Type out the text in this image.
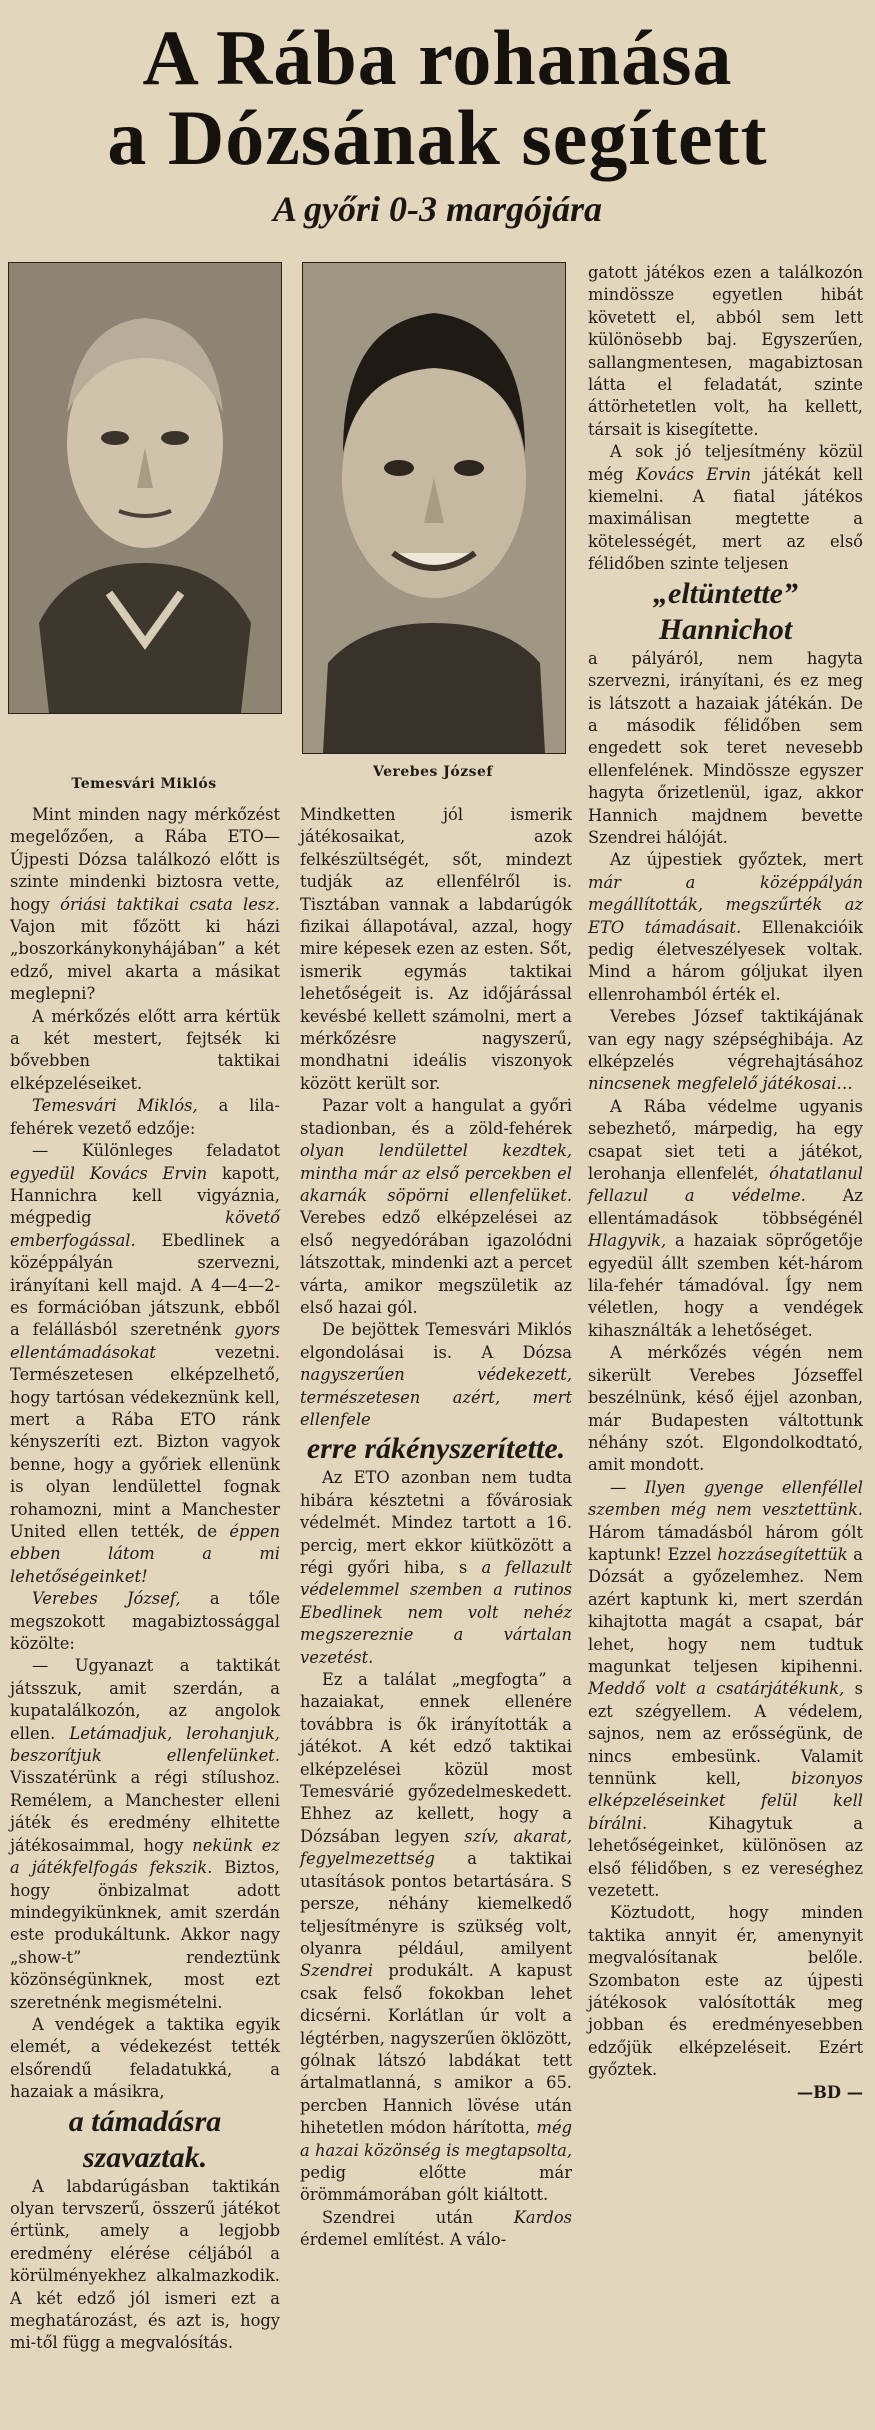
A Rába rohanása
a Dózsának segített
A győri 0-3 margójára
Temesvári Miklós
Verebes József

Mint minden nagy mérkőzést megelőzően, a Rába ETO—Újpesti Dózsa találkozó előtt is szinte mindenki biztosra vette, hogy óriási taktikai csata lesz. Vajon mit főzött ki házi „boszorkánykonyhájában” a két edző, mivel akarta a másikat meglepni?

A mérkőzés előtt arra kértük a két mestert, fejtsék ki bővebben taktikai elképzeléseiket.

Temesvári Miklós, a lila-fehérek vezető edzője:

— Különleges feladatot egyedül Kovács Ervin kapott, Hannichra kell vigyáznia, mégpedig követő emberfogással. Ebedlinek a középpályán szervezni, irányítani kell majd. A 4—4—2-es formációban játszunk, ebből a felállásból szeretnénk gyors ellentámadásokat vezetni. Természetesen elképzelhető, hogy tartósan védekeznünk kell, mert a Rába ETO ránk kényszeríti ezt. Bizton vagyok benne, hogy a győriek ellenünk is olyan lendülettel fognak rohamozni, mint a Manchester United ellen tették, de éppen ebben látom a mi lehetőségeinket!

Verebes József, a tőle megszokott magabiztossággal közölte:

— Ugyanazt a taktikát játsszuk, amit szerdán, a kupatalálkozón, az angolok ellen. Letámadjuk, lerohanjuk, beszorítjuk ellenfelünket. Visszatérünk a régi stílushoz. Remélem, a Manchester elleni játék és eredmény elhitette játékosaimmal, hogy nekünk ez a játékfelfogás fekszik. Biztos, hogy önbizalmat adott mindegyikünknek, amit szerdán este produkáltunk. Akkor nagy „show-t” rendeztünk közönségünknek, most ezt szeretnénk megismételni.

A vendégek a taktika egyik elemét, a védekezést tették elsőrendű feladatukká, a hazaiak a másikra,

a támadásra szavaztak.

A labdarúgásban taktikán olyan tervszerű, összerű játékot értünk, amely a legjobb eredmény elérése céljából a körülményekhez alkalmazkodik. A két edző jól ismeri ezt a meghatározást, és azt is, hogy mi-től függ a megvalósítás.

Mindketten jól ismerik játékosaikat, azok felkészültségét, sőt, mindezt tudják az ellenfélről is. Tisztában vannak a labdarúgók fizikai állapotával, azzal, hogy mire képesek ezen az esten. Sőt, ismerik egymás taktikai lehetőségeit is. Az időjárással kevésbé kellett számolni, mert a mérkőzésre nagyszerű, mondhatni ideális viszonyok között került sor.

Pazar volt a hangulat a győri stadionban, és a zöld-fehérek olyan lendülettel kezdtek, mintha már az első percekben el akarnák söpörni ellenfelüket. Verebes edző elképzelései az első negyedórában igazolódni látszottak, mindenki azt a percet várta, amikor megszületik az első hazai gól.

De bejöttek Temesvári Miklós elgondolásai is. A Dózsa nagyszerűen védekezett, természetesen azért, mert ellenfele

erre rákényszerítette.

Az ETO azonban nem tudta hibára késztetni a fővárosiak védelmét. Mindez tartott a 16. percig, mert ekkor kiütközött a régi győri hiba, s a fellazult védelemmel szemben a rutinos Ebedlinek nem volt nehéz megszereznie a vártalan vezetést.

Ez a találat „megfogta” a hazaiakat, ennek ellenére továbbra is ők irányították a játékot. A két edző taktikai elképzelései közül most Temesvárié győzedelmeskedett. Ehhez az kellett, hogy a Dózsában legyen szív, akarat, fegyelmezettség a taktikai utasítások pontos betartására. S persze, néhány kiemelkedő teljesítményre is szükség volt, olyanra például, amilyent Szendrei produkált. A kapust csak felső fokokban lehet dicsérni. Korlátlan úr volt a légtérben, nagyszerűen öklözött, gólnak látszó labdákat tett ártalmatlanná, s amikor a 65. percben Hannich lövése után hihetetlen módon hárította, még a hazai közönség is megtapsolta, pedig előtte már örömmámorában gólt kiáltott.

Szendrei után Kardos érdemel említést. A válo-

gatott játékos ezen a találkozón mindössze egyetlen hibát követett el, abból sem lett különösebb baj. Egyszerűen, sallangmentesen, magabiztosan látta el feladatát, szinte áttörhetetlen volt, ha kellett, társait is kisegítette.

A sok jó teljesítmény közül még Kovács Ervin játékát kell kiemelni. A fiatal játékos maximálisan megtette a kötelességét, mert az első félidőben szinte teljesen

„eltüntette” Hannichot

a pályáról, nem hagyta szervezni, irányítani, és ez meg is látszott a hazaiak játékán. De a második félidőben sem engedett sok teret nevesebb ellenfelének. Mindössze egyszer hagyta őrizetlenül, igaz, akkor Hannich majdnem bevette Szendrei hálóját.

Az újpestiek győztek, mert már a középpályán megállították, megszűrték az ETO támadásait. Ellenakcióik pedig életveszélyesek voltak. Mind a három góljukat ilyen ellenrohamból érték el.

Verebes József taktikájának van egy nagy szépséghibája. Az elképzelés végrehajtásához nincsenek megfelelő játékosai…

A Rába védelme ugyanis sebezhető, márpedig, ha egy csapat siet teti a játékot, lerohanja ellenfelét, óhatatlanul fellazul a védelme. Az ellentámadások többségénél Hlagyvik, a hazaiak söprőgetője egyedül állt szemben két-három lila-fehér támadóval. Így nem véletlen, hogy a vendégek kihasználták a lehetőséget.

A mérkőzés végén nem sikerült Verebes Józseffel beszélnünk, késő éjjel azonban, már Budapesten váltottunk néhány szót. Elgondolkodtató, amit mondott.

— Ilyen gyenge ellenféllel szemben még nem vesztettünk. Három támadásból három gólt kaptunk! Ezzel hozzásegítettük a Dózsát a győzelemhez. Nem azért kaptunk ki, mert szerdán kihajtotta magát a csapat, bár lehet, hogy nem tudtuk magunkat teljesen kipihenni. Meddő volt a csatárjátékunk, s ezt szégyellem. A védelem, sajnos, nem az erősségünk, de nincs embesünk. Valamit tennünk kell, bizonyos elképzeléseinket felül kell bírálni. Kihagytuk a lehetőségeinket, különösen az első félidőben, s ez vereséghez vezetett.

Köztudott, hogy minden taktika annyit ér, amenynyit megvalósítanak belőle. Szombaton este az újpesti játékosok valósították meg jobban és eredményesebben edzőjük elképzeléseit. Ezért győztek.

—BD —
